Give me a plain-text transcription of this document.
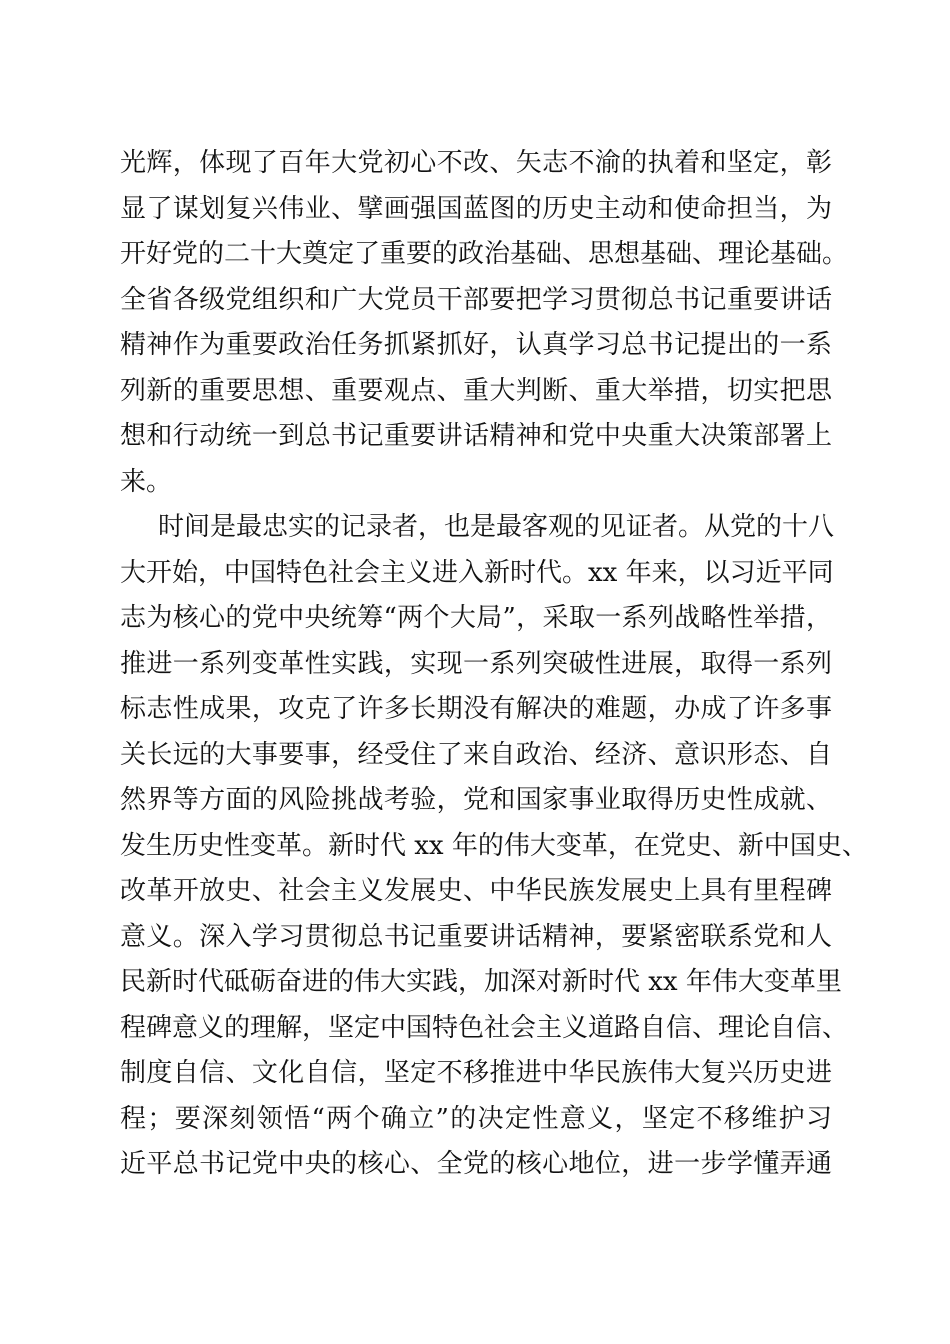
光辉，体现了百年大党初心不改、矢志不渝的执着和坚定，彰
显了谋划复兴伟业、擘画强国蓝图的历史主动和使命担当，为
开好党的二十大奠定了重要的政治基础、思想基础、理论基础。
全省各级党组织和广大党员干部要把学习贯彻总书记重要讲话
精神作为重要政治任务抓紧抓好，认真学习总书记提出的一系
列新的重要思想、重要观点、重大判断、重大举措，切实把思
想和行动统一到总书记重要讲话精神和党中央重大决策部署上
来。
时间是最忠实的记录者，也是最客观的见证者。从党的十八
大开始，中国特色社会主义进入新时代。xx 年来，以习近平同
志为核心的党中央统筹“两个大局”，采取一系列战略性举措，
推进一系列变革性实践，实现一系列突破性进展，取得一系列
标志性成果，攻克了许多长期没有解决的难题，办成了许多事
关长远的大事要事，经受住了来自政治、经济、意识形态、自
然界等方面的风险挑战考验，党和国家事业取得历史性成就、
发生历史性变革。新时代 xx 年的伟大变革，在党史、新中国史、
改革开放史、社会主义发展史、中华民族发展史上具有里程碑
意义。深入学习贯彻总书记重要讲话精神，要紧密联系党和人
民新时代砥砺奋进的伟大实践，加深对新时代 xx 年伟大变革里
程碑意义的理解，坚定中国特色社会主义道路自信、理论自信、
制度自信、文化自信，坚定不移推进中华民族伟大复兴历史进
程；要深刻领悟“两个确立”的决定性意义，坚定不移维护习
近平总书记党中央的核心、全党的核心地位，进一步学懂弄通
